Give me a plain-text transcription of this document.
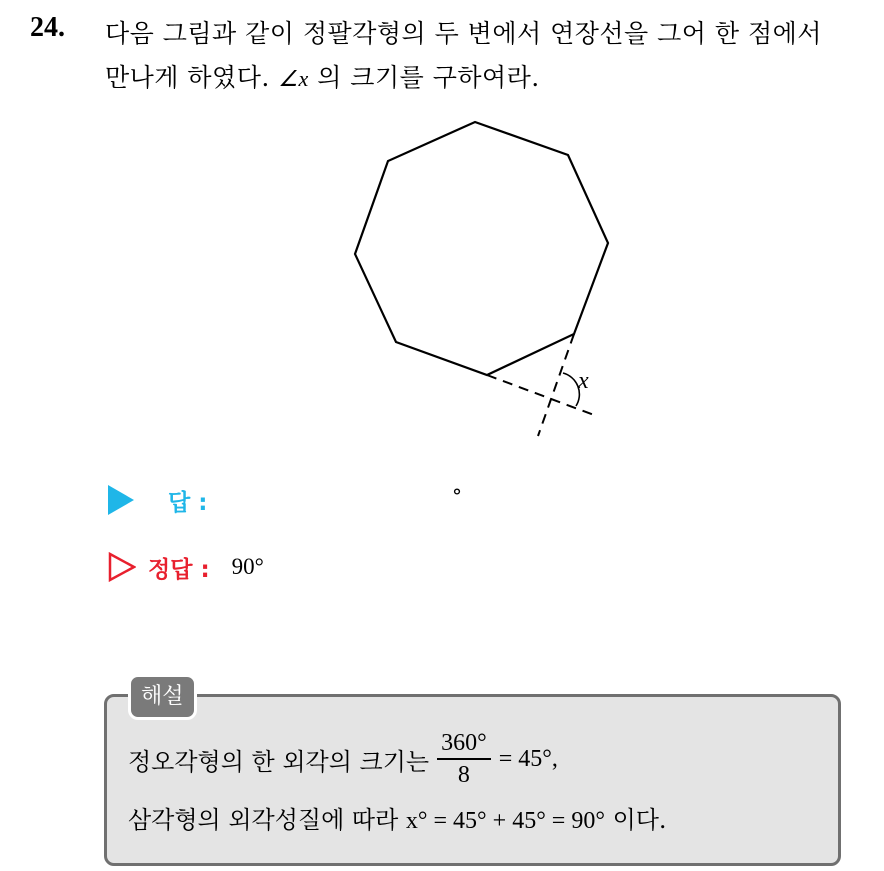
24. 다음 그림과 같이 정팔각형의 두 변에서 연장선을 그어 한 점에서
만나게 하였다. ∠x 의 크기를 구하여라.
x
답 :	°
정답 : 90°
해설
정오각형의 한 외각의 크기는 $\frac{360^\circ}{8} = 45^\circ$,
삼각형의 외각성질에 따라 x° = 45° + 45° = 90° 이다.
